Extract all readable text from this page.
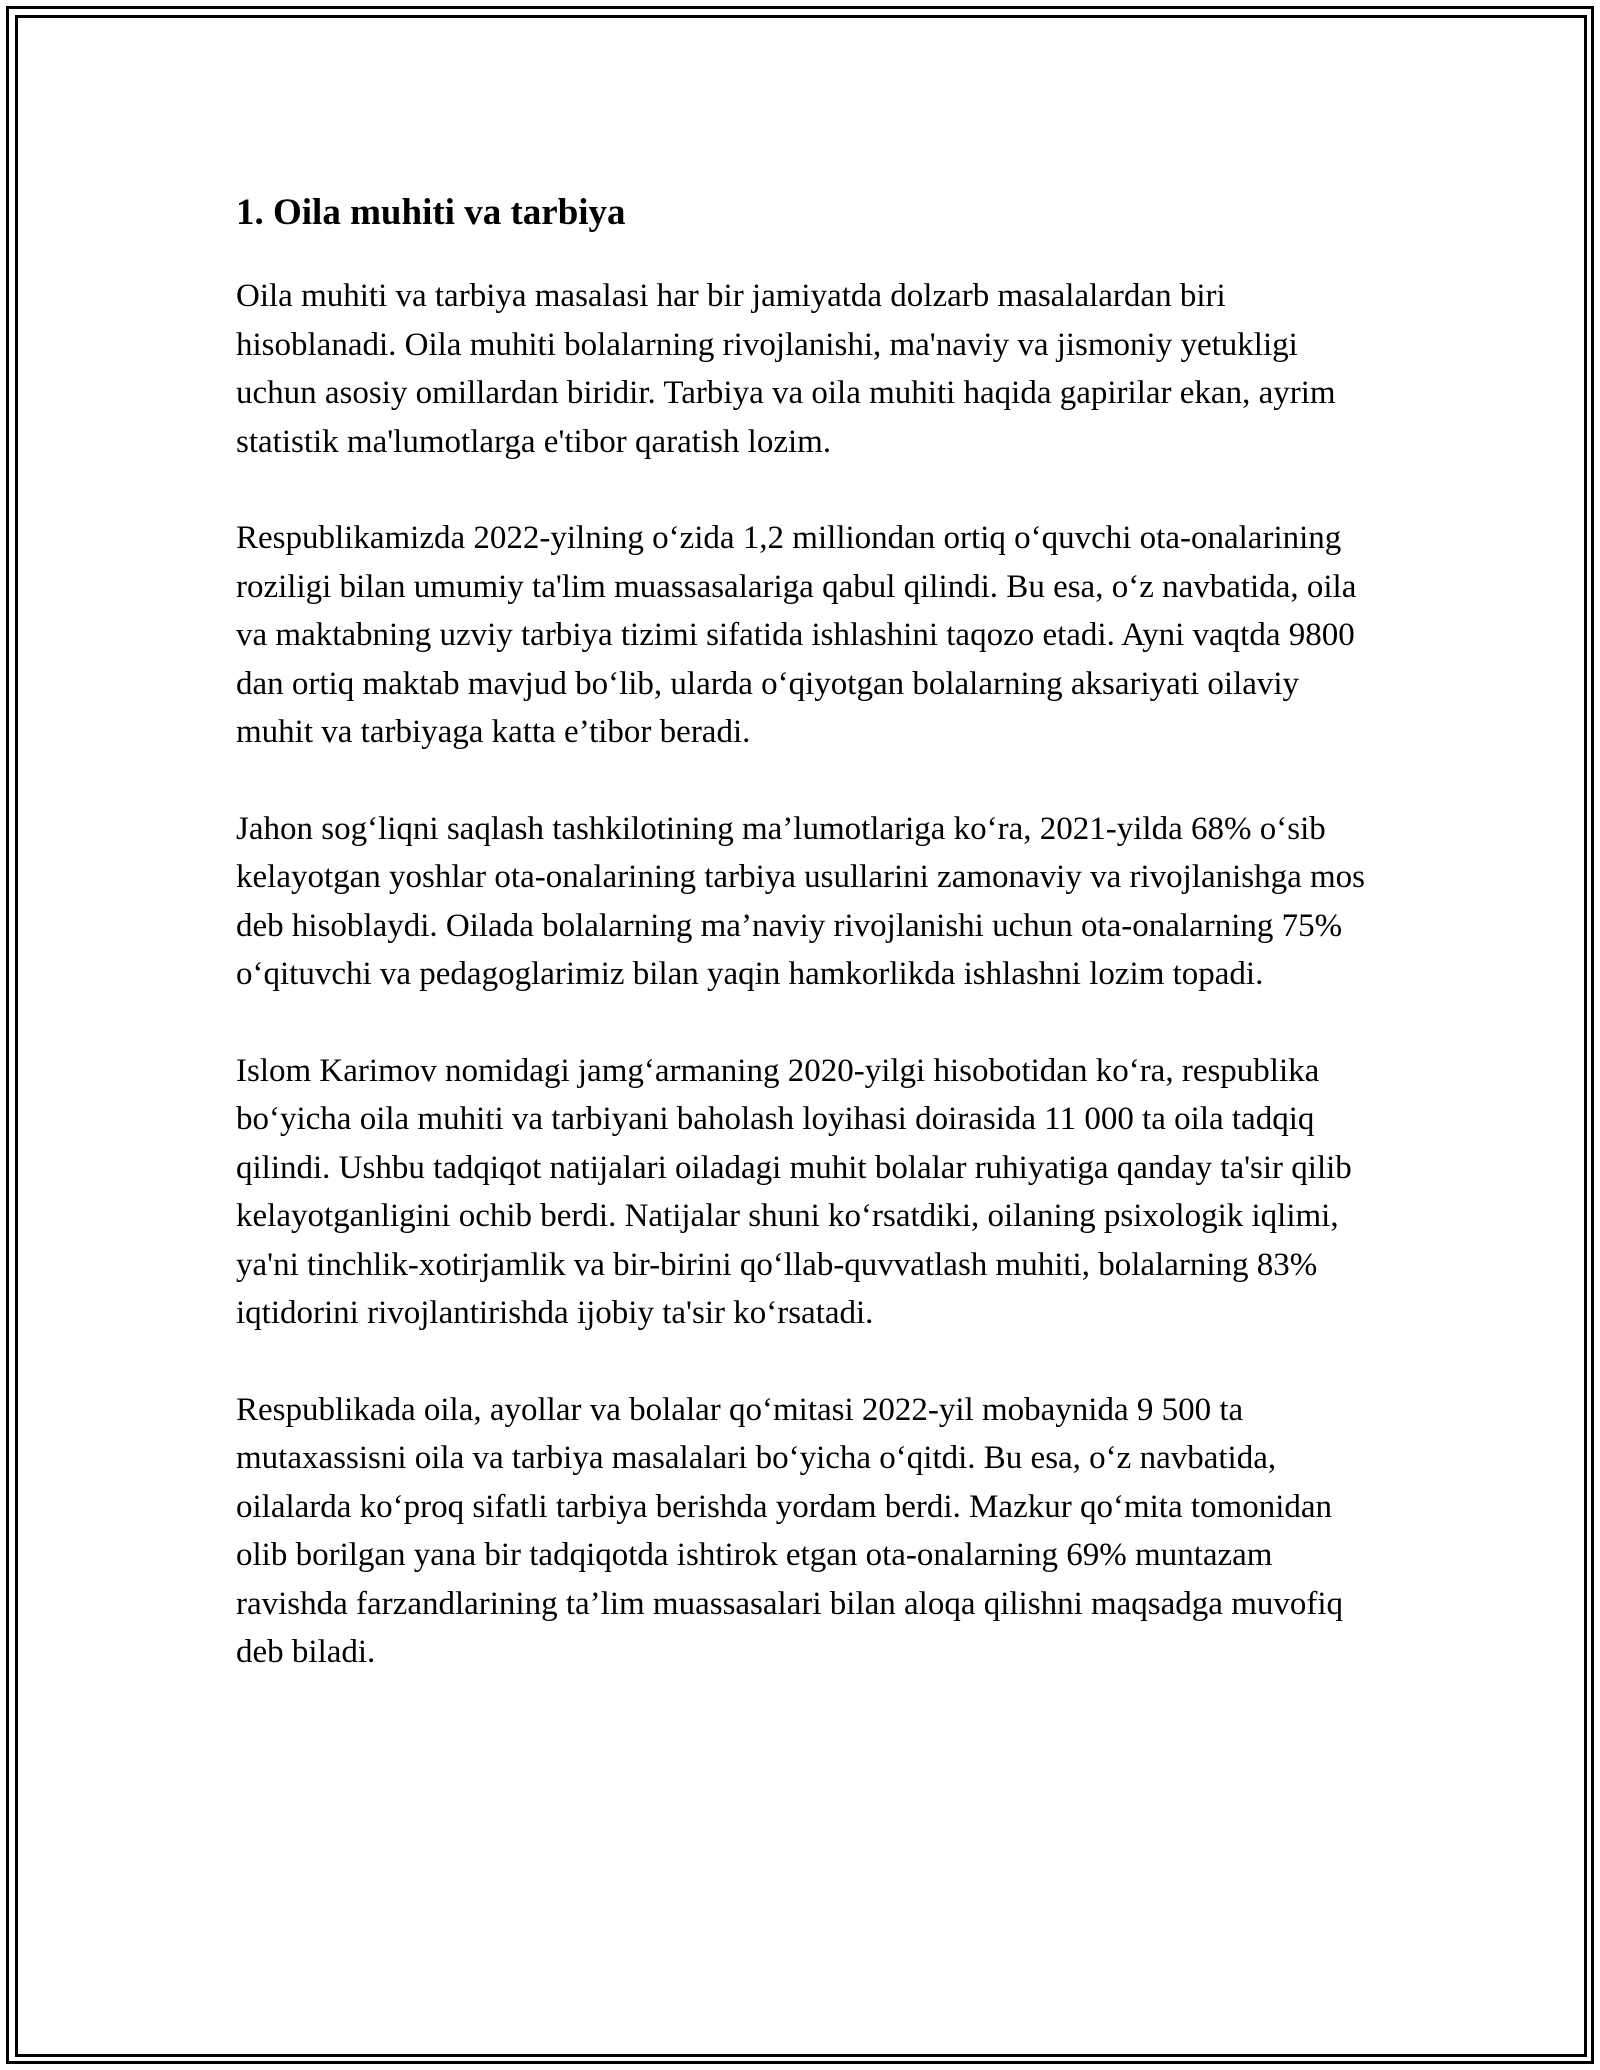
1. Oila muhiti va tarbiya

Oila muhiti va tarbiya masalasi har bir jamiyatda dolzarb masalalardan biri hisoblanadi. Oila muhiti bolalarning rivojlanishi, ma'naviy va jismoniy yetukligi uchun asosiy omillardan biridir. Tarbiya va oila muhiti haqida gapirilar ekan, ayrim statistik ma'lumotlarga e'tibor qaratish lozim.

Respublikamizda 2022-yilning o‘zida 1,2 milliondan ortiq o‘quvchi ota-onalarining roziligi bilan umumiy ta'lim muassasalariga qabul qilindi. Bu esa, o‘z navbatida, oila va maktabning uzviy tarbiya tizimi sifatida ishlashini taqozo etadi. Ayni vaqtda 9800 dan ortiq maktab mavjud bo‘lib, ularda o‘qiyotgan bolalarning aksariyati oilaviy muhit va tarbiyaga katta e’tibor beradi.

Jahon sog‘liqni saqlash tashkilotining ma’lumotlariga ko‘ra, 2021-yilda 68% o‘sib kelayotgan yoshlar ota-onalarining tarbiya usullarini zamonaviy va rivojlanishga mos deb hisoblaydi. Oilada bolalarning ma’naviy rivojlanishi uchun ota-onalarning 75% o‘qituvchi va pedagoglarimiz bilan yaqin hamkorlikda ishlashni lozim topadi.

Islom Karimov nomidagi jamg‘armaning 2020-yilgi hisobotidan ko‘ra, respublika bo‘yicha oila muhiti va tarbiyani baholash loyihasi doirasida 11 000 ta oila tadqiq qilindi. Ushbu tadqiqot natijalari oiladagi muhit bolalar ruhiyatiga qanday ta'sir qilib kelayotganligini ochib berdi. Natijalar shuni ko‘rsatdiki, oilaning psixologik iqlimi, ya'ni tinchlik-xotirjamlik va bir-birini qo‘llab-quvvatlash muhiti, bolalarning 83% iqtidorini rivojlantirishda ijobiy ta'sir ko‘rsatadi.

Respublikada oila, ayollar va bolalar qo‘mitasi 2022-yil mobaynida 9 500 ta mutaxassisni oila va tarbiya masalalari bo‘yicha o‘qitdi. Bu esa, o‘z navbatida, oilalarda ko‘proq sifatli tarbiya berishda yordam berdi. Mazkur qo‘mita tomonidan olib borilgan yana bir tadqiqotda ishtirok etgan ota-onalarning 69% muntazam ravishda farzandlarining ta’lim muassasalari bilan aloqa qilishni maqsadga muvofiq deb biladi.
